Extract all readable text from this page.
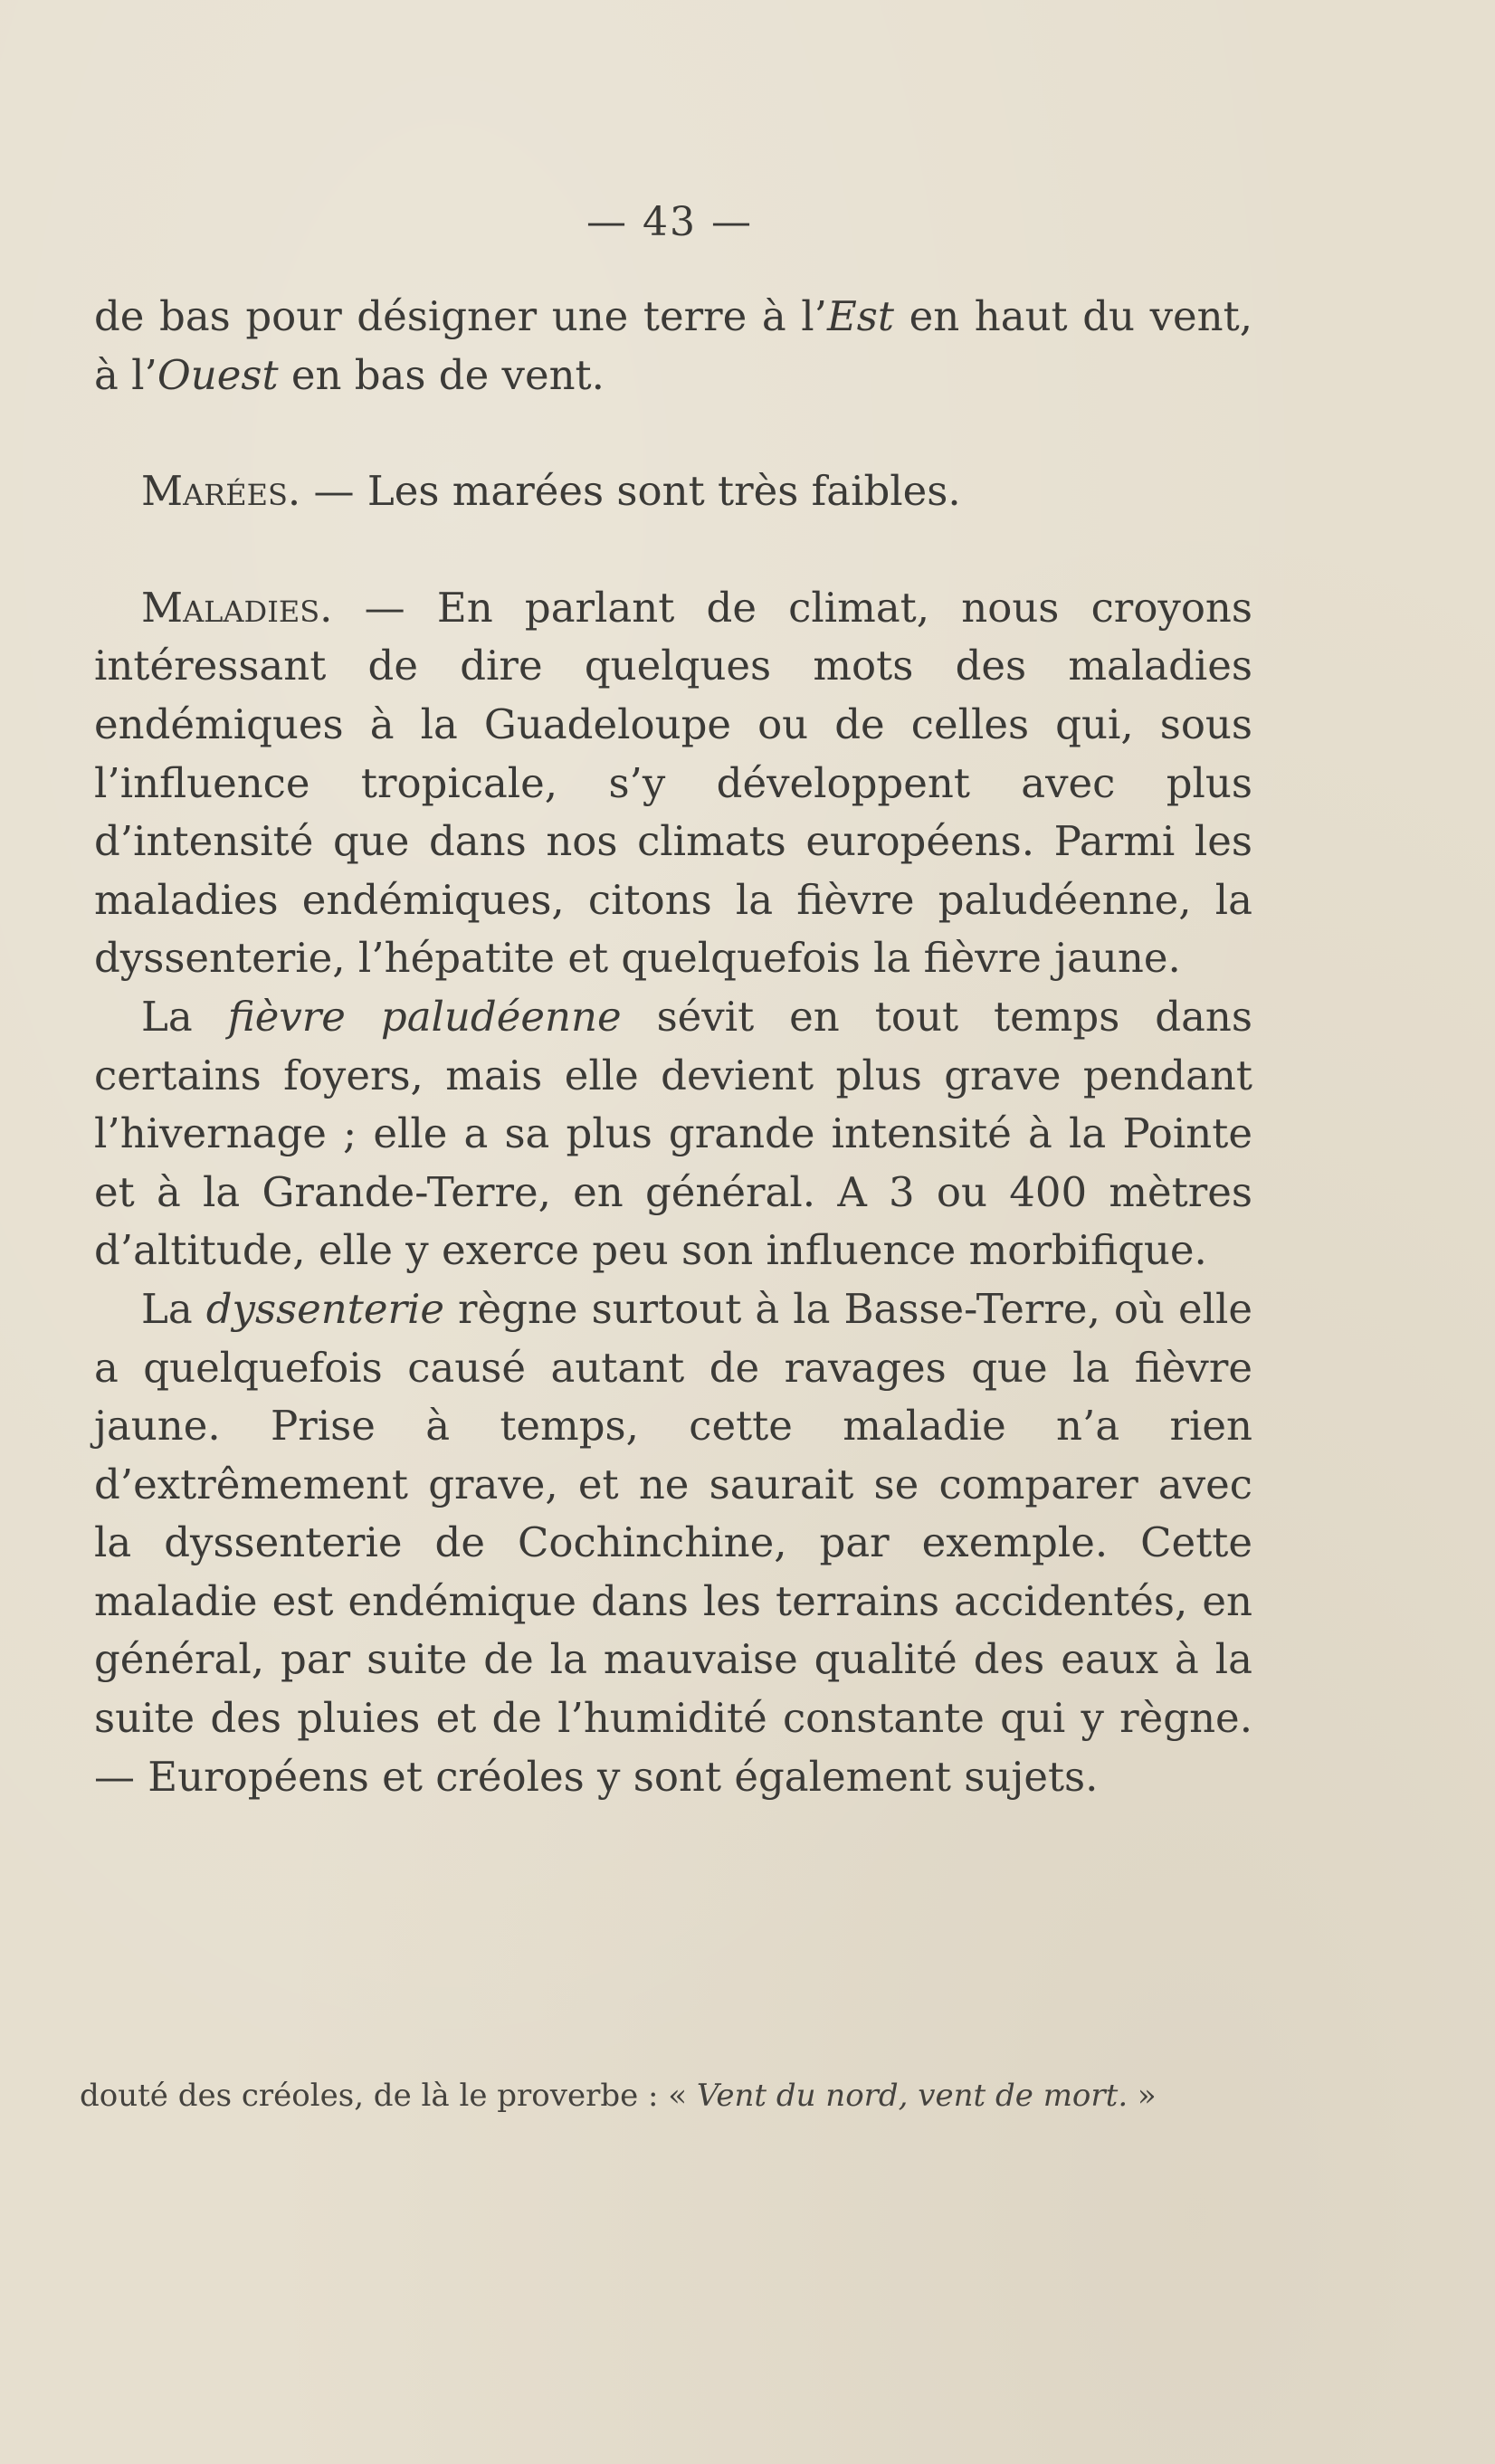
— 43 —

de bas pour désigner une terre à l’Est en haut du vent, à l’Ouest en bas de vent.

Marées. — Les marées sont très faibles.

Maladies. — En parlant de climat, nous croyons intéressant de dire quelques mots des maladies endémiques à la Guadeloupe ou de celles qui, sous l’influence tropicale, s’y développent avec plus d’intensité que dans nos climats européens. Parmi les maladies endémiques, citons la fièvre paludéenne, la dyssenterie, l’hépatite et quelquefois la fièvre jaune.

La fièvre paludéenne sévit en tout temps dans certains foyers, mais elle devient plus grave pendant l’hivernage ; elle a sa plus grande intensité à la Pointe et à la Grande-Terre, en général. A 3 ou 400 mètres d’altitude, elle y exerce peu son influence morbifique.

La dyssenterie règne surtout à la Basse-Terre, où elle a quelquefois causé autant de ravages que la fièvre jaune. Prise à temps, cette maladie n’a rien d’extrêmement grave, et ne saurait se comparer avec la dyssenterie de Cochinchine, par exemple. Cette maladie est endémique dans les terrains accidentés, en général, par suite de la mauvaise qualité des eaux à la suite des pluies et de l’humidité constante qui y règne. — Européens et créoles y sont également sujets.

douté des créoles, de là le proverbe : « Vent du nord, vent de mort. »
